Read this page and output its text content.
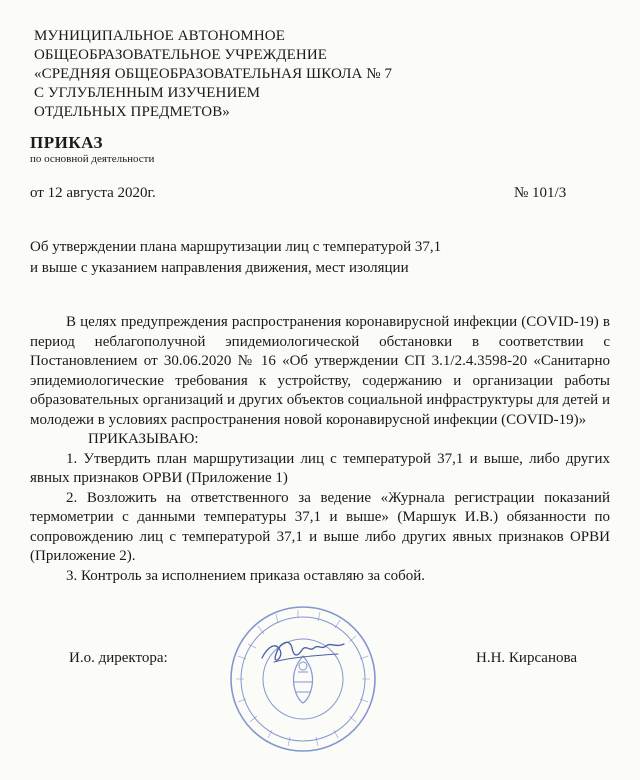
МУНИЦИПАЛЬНОЕ АВТОНОМНОЕ
ОБЩЕОБРАЗОВАТЕЛЬНОЕ УЧРЕЖДЕНИЕ
«СРЕДНЯЯ ОБЩЕОБРАЗОВАТЕЛЬНАЯ ШКОЛА № 7
С УГЛУБЛЕННЫМ ИЗУЧЕНИЕМ
ОТДЕЛЬНЫХ ПРЕДМЕТОВ»
ПРИКАЗ
по основной деятельности
от 12 августа 2020г.	№ 101/3
Об утверждении плана маршрутизации лиц с температурой 37,1
и выше с указанием направления движения, мест изоляции

В целях предупреждения распространения коронавирусной инфекции (COVID-19) в период неблагополучной эпидемиологической обстановки в соответствии с Постановлением от 30.06.2020 № 16 «Об утверждении СП 3.1/2.4.3598-20 «Санитарно эпидемиологические требования к устройству, содержанию и организации работы образовательных организаций и других объектов социальной инфраструктуры для детей и молодежи в условиях распространения новой коронавирусной инфекции (COVID-19)»

ПРИКАЗЫВАЮ:

1. Утвердить план маршрутизации лиц с температурой 37,1 и выше, либо других явных признаков ОРВИ (Приложение 1)

2. Возложить на ответственного за ведение «Журнала регистрации показаний термометрии с данными температуры 37,1 и выше» (Маршук И.В.) обязанности по сопровождению лиц с температурой 37,1 и выше либо других явных признаков ОРВИ (Приложение 2).

3. Контроль за исполнением приказа оставляю за собой.

И.о. директора:	Н.Н. Кирсанова
